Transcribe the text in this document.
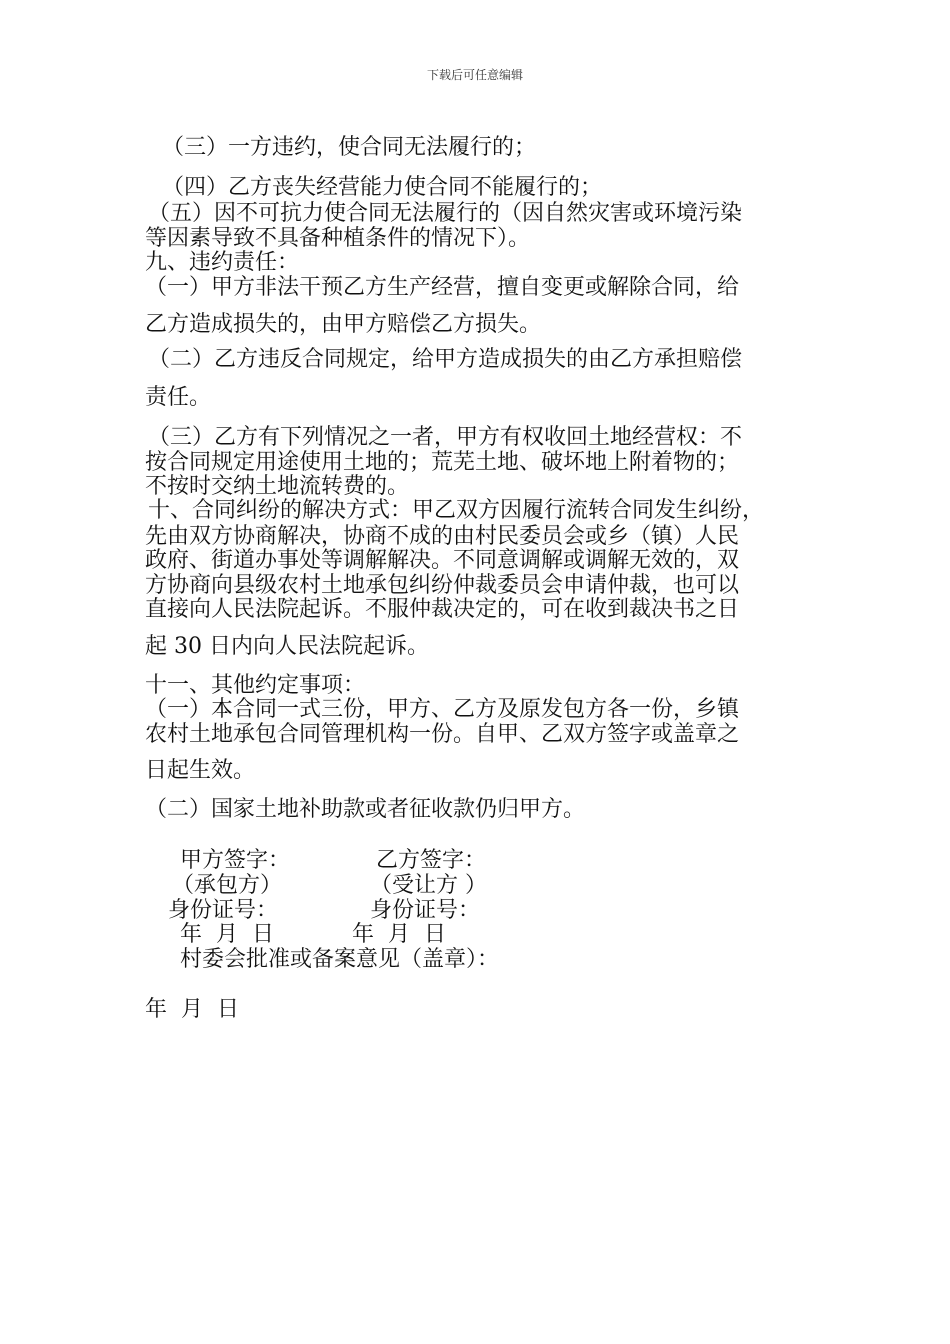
下载后可任意编辑
（三）一方违约，使合同无法履行的；
（四）乙方丧失经营能力使合同不能履行的；
（五）因不可抗力使合同无法履行的（因自然灾害或环境污染
等因素导致不具备种植条件的情况下）。
九、违约责任：
（一）甲方非法干预乙方生产经营，擅自变更或解除合同，给
乙方造成损失的，由甲方赔偿乙方损失。
（二）乙方违反合同规定，给甲方造成损失的由乙方承担赔偿
责任。
（三）乙方有下列情况之一者，甲方有权收回土地经营权：不
按合同规定用途使用土地的；荒芜土地、破坏地上附着物的；
不按时交纳土地流转费的。
十、合同纠纷的解决方式：甲乙双方因履行流转合同发生纠纷，
先由双方协商解决，协商不成的由村民委员会或乡（镇）人民
政府、街道办事处等调解解决。不同意调解或调解无效的，双
方协商向县级农村土地承包纠纷仲裁委员会申请仲裁，也可以
直接向人民法院起诉。不服仲裁决定的，可在收到裁决书之日
起 30 日内向人民法院起诉。
十一、其他约定事项：
（一）本合同一式三份，甲方、乙方及原发包方各一份，乡镇
农村土地承包合同管理机构一份。自甲、乙双方签字或盖章之
日起生效。
（二）国家土地补助款或者征收款仍归甲方。
甲方签字：	乙方签字：
（承包方）	（受让方 ）
身份证号：	身份证号：
年  月  日	年  月  日
村委会批准或备案意见（盖章）：
年  月  日
